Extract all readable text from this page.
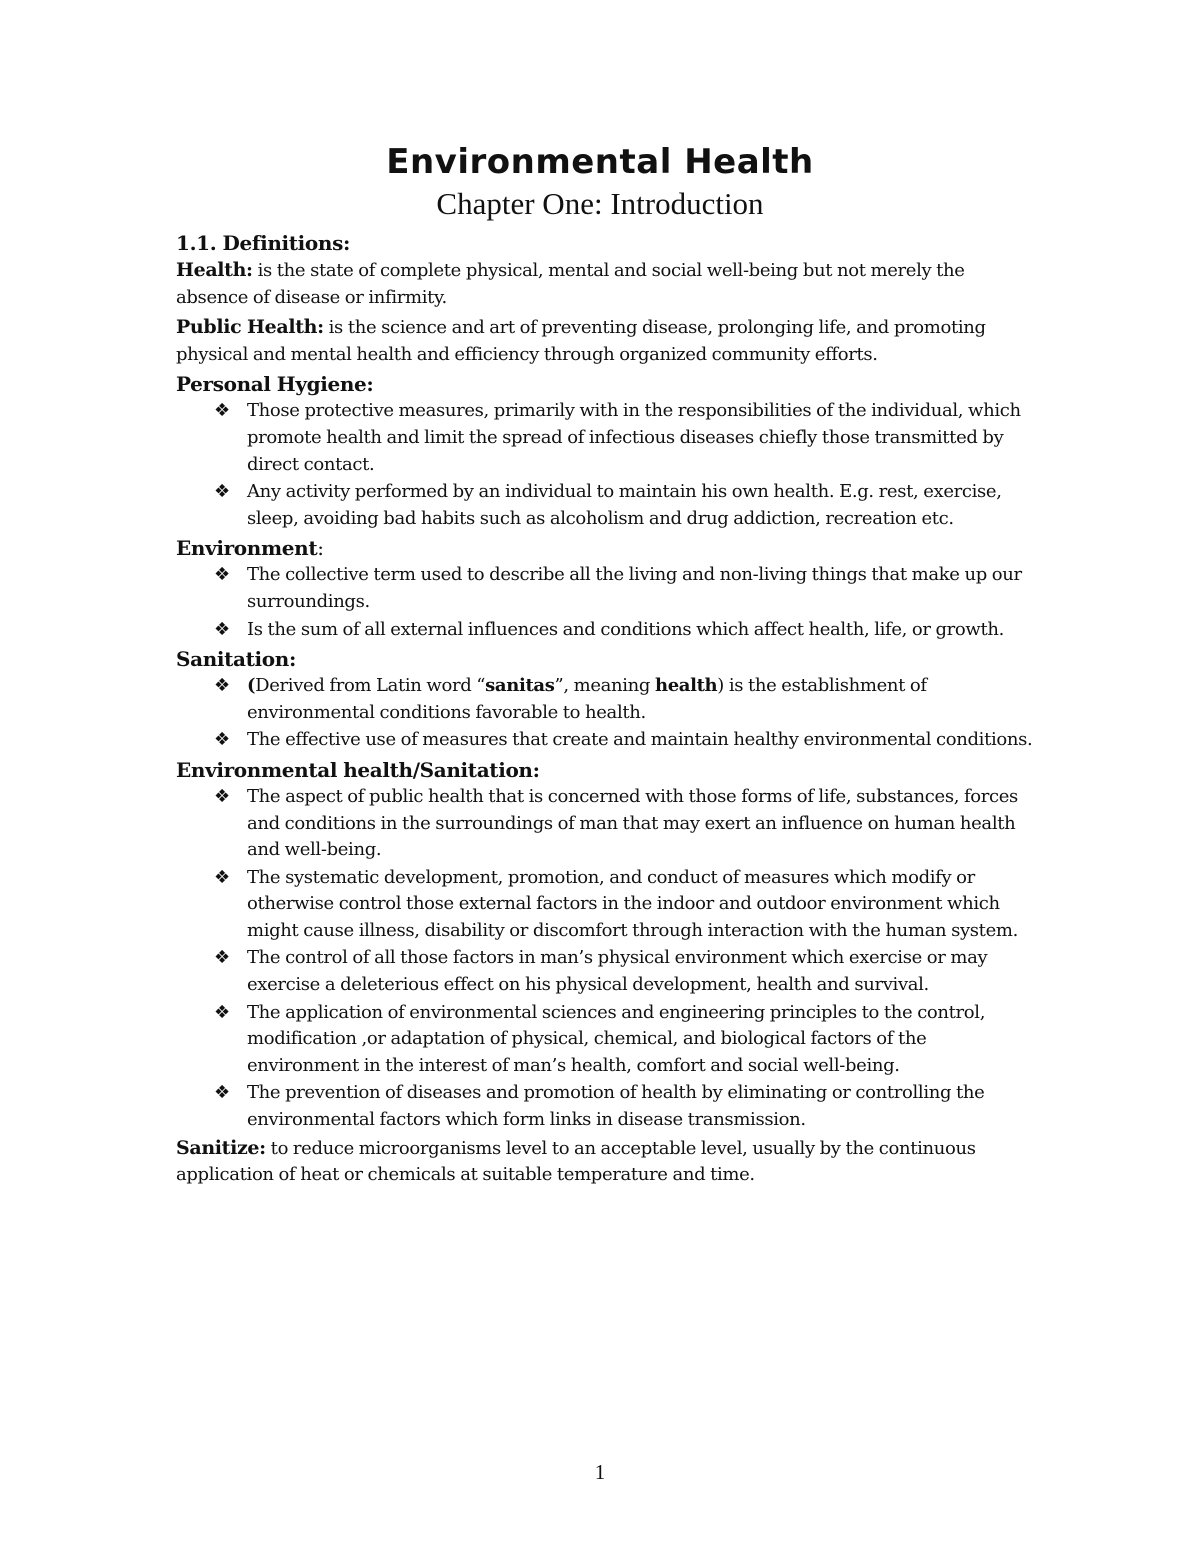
Environmental Health
Chapter One: Introduction
1.1. Definitions:

Health: is the state of complete physical, mental and social well-being but not merely the absence of disease or infirmity.

Public Health: is the science and art of preventing disease, prolonging life, and promoting physical and mental health and efficiency through organized community efforts.

Personal Hygiene:
❖ Those protective measures, primarily with in the responsibilities of the individual, which promote health and limit the spread of infectious diseases chiefly those transmitted by direct contact.
❖ Any activity performed by an individual to maintain his own health. E.g. rest, exercise, sleep, avoiding bad habits such as alcoholism and drug addiction, recreation etc.
Environment:
❖ The collective term used to describe all the living and non-living things that make up our surroundings.
❖ Is the sum of all external influences and conditions which affect health, life, or growth.
Sanitation:
❖ (Derived from Latin word “sanitas”, meaning health) is the establishment of environmental conditions favorable to health.
❖ The effective use of measures that create and maintain healthy environmental conditions.
Environmental health/Sanitation:
❖ The aspect of public health that is concerned with those forms of life, substances, forces and conditions in the surroundings of man that may exert an influence on human health and well-being.
❖ The systematic development, promotion, and conduct of measures which modify or otherwise control those external factors in the indoor and outdoor environment which might cause illness, disability or discomfort through interaction with the human system.
❖ The control of all those factors in man’s physical environment which exercise or may exercise a deleterious effect on his physical development, health and survival.
❖ The application of environmental sciences and engineering principles to the control, modification ,or adaptation of physical, chemical, and biological factors of the environment in the interest of man’s health, comfort and social well-being.
❖ The prevention of diseases and promotion of health by eliminating or controlling the environmental factors which form links in disease transmission.

Sanitize: to reduce microorganisms level to an acceptable level, usually by the continuous application of heat or chemicals at suitable temperature and time.

1
